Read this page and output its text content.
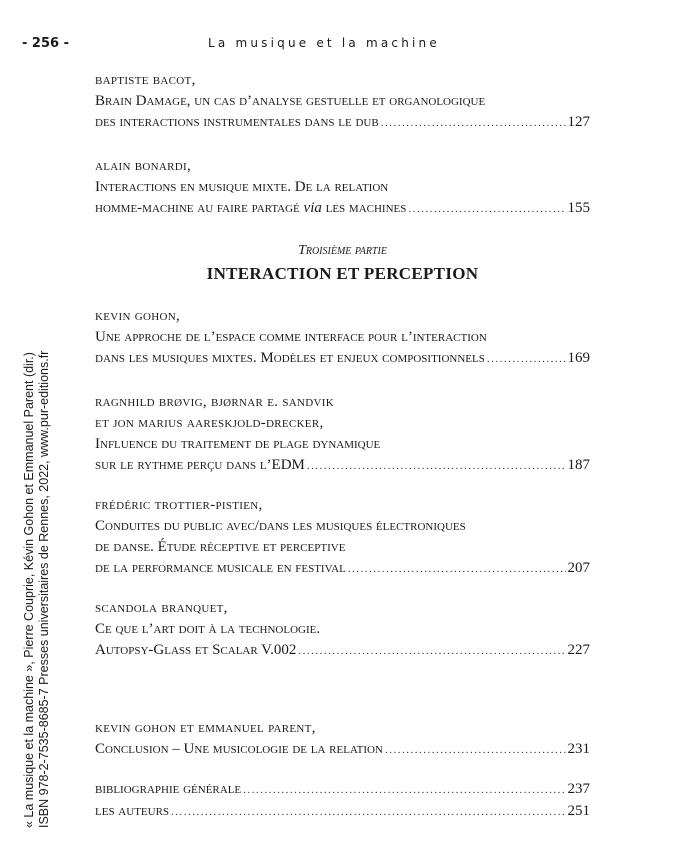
- 256 -	La musique et la machine
« La musique et la machine », Pierre Couprie, Kévin Gohon et Emmanuel Parent (dir.) ISBN 978-2-7535-8685-7 Presses universitaires de Rennes, 2022, www.pur-editions.fr
baptiste bacot,
Brain Damage, un cas d’analyse gestuelle et organologique
des interactions instrumentales dans le dub .....	127
alain bonardi,
Interactions en musique mixte. De la relation
homme-machine au faire partagé via les machines .....	155
Troisième partie
INTERACTION ET PERCEPTION
kevin gohon,
Une approche de l’espace comme interface pour l’interaction
dans les musiques mixtes. Modèles et enjeux compositionnels .....	169
ragnhild brøvig, bjørnar e. sandvik
et jon marius aareskjold-drecker,
Influence du traitement de plage dynamique
sur le rythme perçu dans l’EDM .....	187
frédéric trottier-pistien,
Conduites du public avec/dans les musiques électroniques
de danse. Étude réceptive et perceptive
de la performance musicale en festival .....	207
scandola branquet,
Ce que l’art doit à la technologie.
Autopsy-Glass et Scalar V.002 .....	227
kevin gohon et emmanuel parent,
Conclusion – Une musicologie de la relation .....	231
bibliographie générale .....	237
les auteurs .....	251
